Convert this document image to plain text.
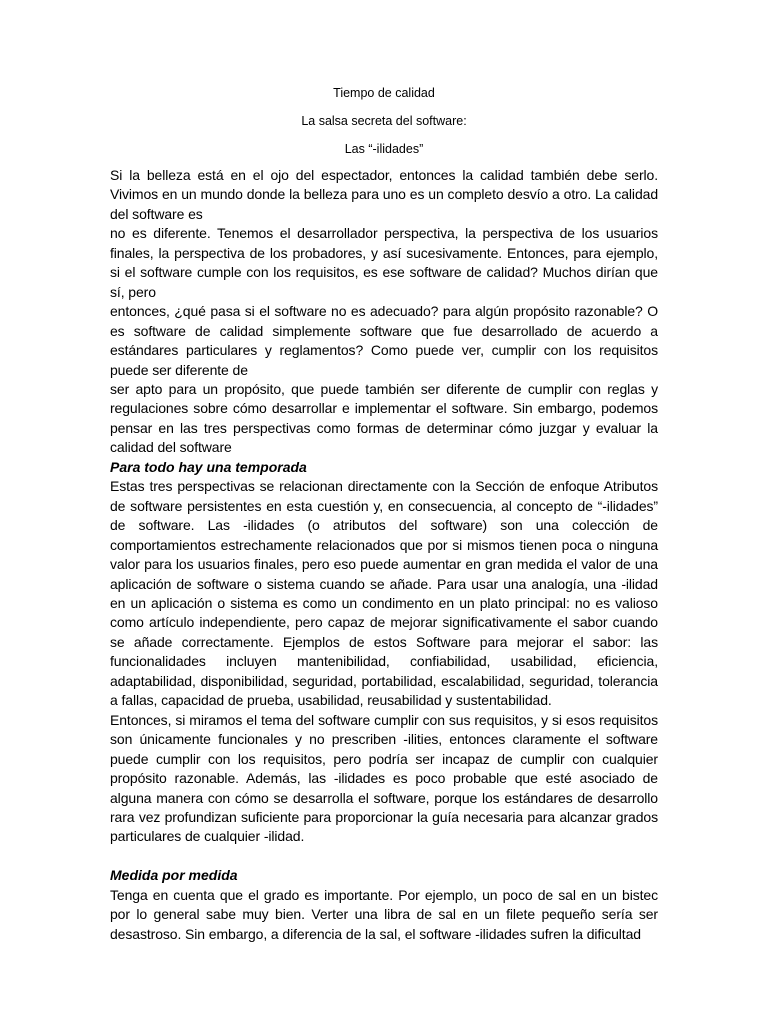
Tiempo de calidad

La salsa secreta del software:

Las “-ilidades”

Si la belleza está en el ojo del espectador, entonces la calidad también debe serlo. Vivimos en un mundo donde la belleza para uno es un completo desvío a otro. La calidad del software es

no es diferente. Tenemos el desarrollador perspectiva, la perspectiva de los usuarios finales, la perspectiva de los probadores, y así sucesivamente. Entonces, para ejemplo, si el software cumple con los requisitos, es ese software de calidad? Muchos dirían que sí, pero

entonces, ¿qué pasa si el software no es adecuado? para algún propósito razonable? O es software de calidad simplemente software que fue desarrollado de acuerdo a estándares particulares y reglamentos? Como puede ver, cumplir con los requisitos puede ser diferente de

ser apto para un propósito, que puede también ser diferente de cumplir con reglas y regulaciones sobre cómo desarrollar e implementar el software. Sin embargo, podemos pensar en las tres perspectivas como formas de determinar cómo juzgar y evaluar la calidad del software

Para todo hay una temporada

Estas tres perspectivas se relacionan directamente con la Sección de enfoque Atributos de software persistentes en esta cuestión y, en consecuencia, al concepto de “-ilidades” de software. Las -ilidades (o atributos del software) son una colección de comportamientos estrechamente relacionados que por si mismos tienen poca o ninguna valor para los usuarios finales, pero eso puede aumentar en gran medida el valor de una aplicación de software o sistema cuando se añade. Para usar una analogía, una -ilidad en un aplicación o sistema es como un condimento en un plato principal: no es valioso como artículo independiente, pero capaz de mejorar significativamente el sabor cuando se añade correctamente. Ejemplos de estos Software para mejorar el sabor: las funcionalidades incluyen mantenibilidad, confiabilidad, usabilidad, eficiencia, adaptabilidad, disponibilidad, seguridad, portabilidad, escalabilidad, seguridad, tolerancia a fallas, capacidad de prueba, usabilidad, reusabilidad y sustentabilidad.

Entonces, si miramos el tema del software cumplir con sus requisitos, y si esos requisitos son únicamente funcionales y no prescriben -ilities, entonces claramente el software puede cumplir con los requisitos, pero podría ser incapaz de cumplir con cualquier propósito razonable. Además, las -ilidades es poco probable que esté asociado de alguna manera con cómo se desarrolla el software, porque los estándares de desarrollo rara vez profundizan suficiente para proporcionar la guía necesaria para alcanzar grados particulares de cualquier -ilidad.

Medida por medida

Tenga en cuenta que el grado es importante. Por ejemplo, un poco de sal en un bistec por lo general sabe muy bien. Verter una libra de sal en un filete pequeño sería ser desastroso. Sin embargo, a diferencia de la sal, el software -ilidades sufren la dificultad
